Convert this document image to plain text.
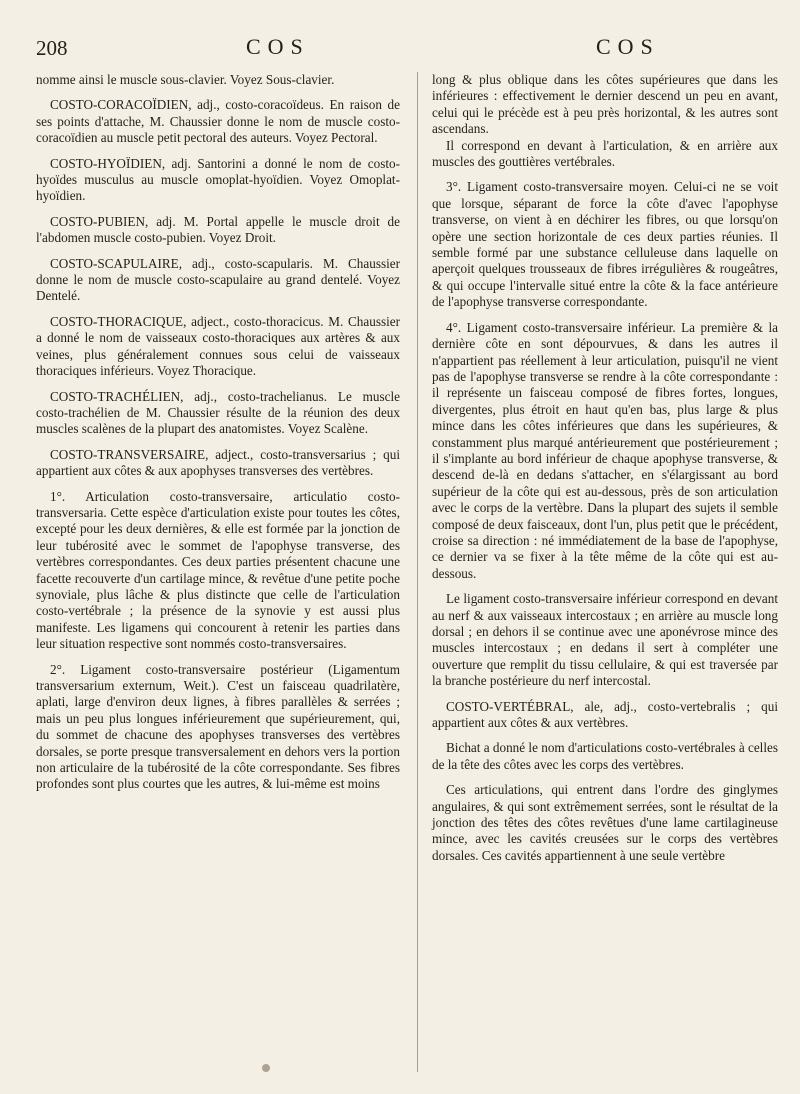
208	COS	COS

nomme ainsi le muscle sous-clavier. Voyez Sous-clavier.

COSTO-CORACOÏDIEN, adj., costo-coracoïdeus. En raison de ses points d'attache, M. Chaussier donne le nom de muscle costo-coracoïdien au muscle petit pectoral des auteurs. Voyez Pectoral.

COSTO-HYOÏDIEN, adj. Santorini a donné le nom de costo-hyoïdes musculus au muscle omoplat-hyoïdien. Voyez Omoplat-hyoïdien.

COSTO-PUBIEN, adj. M. Portal appelle le muscle droit de l'abdomen muscle costo-pubien. Voyez Droit.

COSTO-SCAPULAIRE, adj., costo-scapularis. M. Chaussier donne le nom de muscle costo-scapulaire au grand dentelé. Voyez Dentelé.

COSTO-THORACIQUE, adject., costo-thoracicus. M. Chaussier a donné le nom de vaisseaux costo-thoraciques aux artères & aux veines, plus généralement connues sous celui de vaisseaux thoraciques inférieurs. Voyez Thoracique.

COSTO-TRACHÉLIEN, adj., costo-trachelianus. Le muscle costo-trachélien de M. Chaussier résulte de la réunion des deux muscles scalènes de la plupart des anatomistes. Voyez Scalène.

COSTO-TRANSVERSAIRE, adject., costo-transversarius ; qui appartient aux côtes & aux apophyses transverses des vertèbres.

1°. Articulation costo-transversaire, articulatio costo-transversaria. Cette espèce d'articulation existe pour toutes les côtes, excepté pour les deux dernières, & elle est formée par la jonction de leur tubérosité avec le sommet de l'apophyse transverse, des vertèbres correspondantes. Ces deux parties présentent chacune une facette recouverte d'un cartilage mince, & revêtue d'une petite poche synoviale, plus lâche & plus distincte que celle de l'articulation costo-vertébrale ; la présence de la synovie y est aussi plus manifeste. Les ligamens qui concourent à retenir les parties dans leur situation respective sont nommés costo-transversaires.

2°. Ligament costo-transversaire postérieur (Ligamentum transversarium externum, Weit.). C'est un faisceau quadrilatère, aplati, large d'environ deux lignes, à fibres parallèles & serrées ; mais un peu plus longues inférieurement que supérieurement, qui, du sommet de chacune des apophyses transverses des vertèbres dorsales, se porte presque transversalement en dehors vers la portion non articulaire de la tubérosité de la côte correspondante. Ses fibres profondes sont plus courtes que les autres, & lui-même est moins

long & plus oblique dans les côtes supérieures que dans les inférieures : effectivement le dernier descend un peu en avant, celui qui le précède est à peu près horizontal, & les autres sont ascendans.

Il correspond en devant à l'articulation, & en arrière aux muscles des gouttières vertébrales.

3°. Ligament costo-transversaire moyen. Celui-ci ne se voit que lorsque, séparant de force la côte d'avec l'apophyse transverse, on vient à en déchirer les fibres, ou que lorsqu'on opère une section horizontale de ces deux parties réunies. Il semble formé par une substance celluleuse dans laquelle on aperçoit quelques trousseaux de fibres irrégulières & rougeâtres, & qui occupe l'intervalle situé entre la côte & la face antérieure de l'apophyse transverse correspondante.

4°. Ligament costo-transversaire inférieur. La première & la dernière côte en sont dépourvues, & dans les autres il n'appartient pas réellement à leur articulation, puisqu'il ne vient pas de l'apophyse transverse se rendre à la côte correspondante : il représente un faisceau composé de fibres fortes, longues, divergentes, plus étroit en haut qu'en bas, plus large & plus mince dans les côtes inférieures que dans les supérieures, & constamment plus marqué antérieurement que postérieurement ; il s'implante au bord inférieur de chaque apophyse transverse, & descend de-là en dedans s'attacher, en s'élargissant au bord supérieur de la côte qui est au-dessous, près de son articulation avec le corps de la vertèbre. Dans la plupart des sujets il semble composé de deux faisceaux, dont l'un, plus petit que le précédent, croise sa direction : né immédiatement de la base de l'apophyse, ce dernier va se fixer à la tête même de la côte qui est au-dessous.

Le ligament costo-transversaire inférieur correspond en devant au nerf & aux vaisseaux intercostaux ; en arrière au muscle long dorsal ; en dehors il se continue avec une aponévrose mince des muscles intercostaux ; en dedans il sert à compléter une ouverture que remplit du tissu cellulaire, & qui est traversée par la branche postérieure du nerf intercostal.

COSTO-VERTÉBRAL, ale, adj., costo-vertebralis ; qui appartient aux côtes & aux vertèbres.

Bichat a donné le nom d'articulations costo-vertébrales à celles de la tête des côtes avec les corps des vertèbres.

Ces articulations, qui entrent dans l'ordre des ginglymes angulaires, & qui sont extrêmement serrées, sont le résultat de la jonction des têtes des côtes revêtues d'une lame cartilagineuse mince, avec les cavités creusées sur le corps des vertèbres dorsales. Ces cavités appartiennent à une seule vertèbre
